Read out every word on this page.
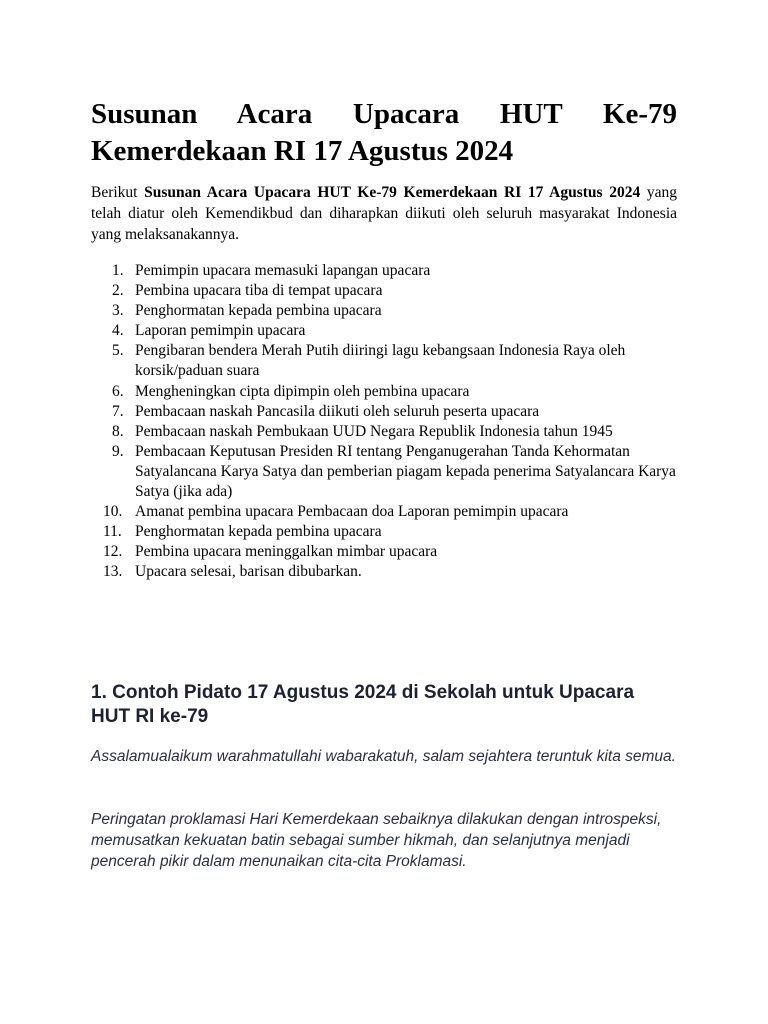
Susunan Acara Upacara HUT Ke-79
Kemerdekaan RI 17 Agustus 2024

Berikut Susunan Acara Upacara HUT Ke-79 Kemerdekaan RI 17 Agustus 2024 yang telah diatur oleh Kemendikbud dan diharapkan diikuti oleh seluruh masyarakat Indonesia yang melaksanakannya.

1. Pemimpin upacara memasuki lapangan upacara
2. Pembina upacara tiba di tempat upacara
3. Penghormatan kepada pembina upacara
4. Laporan pemimpin upacara
5. Pengibaran bendera Merah Putih diiringi lagu kebangsaan Indonesia Raya oleh korsik/paduan suara
6. Mengheningkan cipta dipimpin oleh pembina upacara
7. Pembacaan naskah Pancasila diikuti oleh seluruh peserta upacara
8. Pembacaan naskah Pembukaan UUD Negara Republik Indonesia tahun 1945
9. Pembacaan Keputusan Presiden RI tentang Penganugerahan Tanda Kehormatan Satyalancana Karya Satya dan pemberian piagam kepada penerima Satyalancara Karya Satya (jika ada)
10. Amanat pembina upacara Pembacaan doa Laporan pemimpin upacara
11. Penghormatan kepada pembina upacara
12. Pembina upacara meninggalkan mimbar upacara
13. Upacara selesai, barisan dibubarkan.
1. Contoh Pidato 17 Agustus 2024 di Sekolah untuk Upacara HUT RI ke-79

Assalamualaikum warahmatullahi wabarakatuh, salam sejahtera teruntuk kita semua.

Peringatan proklamasi Hari Kemerdekaan sebaiknya dilakukan dengan introspeksi, memusatkan kekuatan batin sebagai sumber hikmah, dan selanjutnya menjadi pencerah pikir dalam menunaikan cita-cita Proklamasi.
